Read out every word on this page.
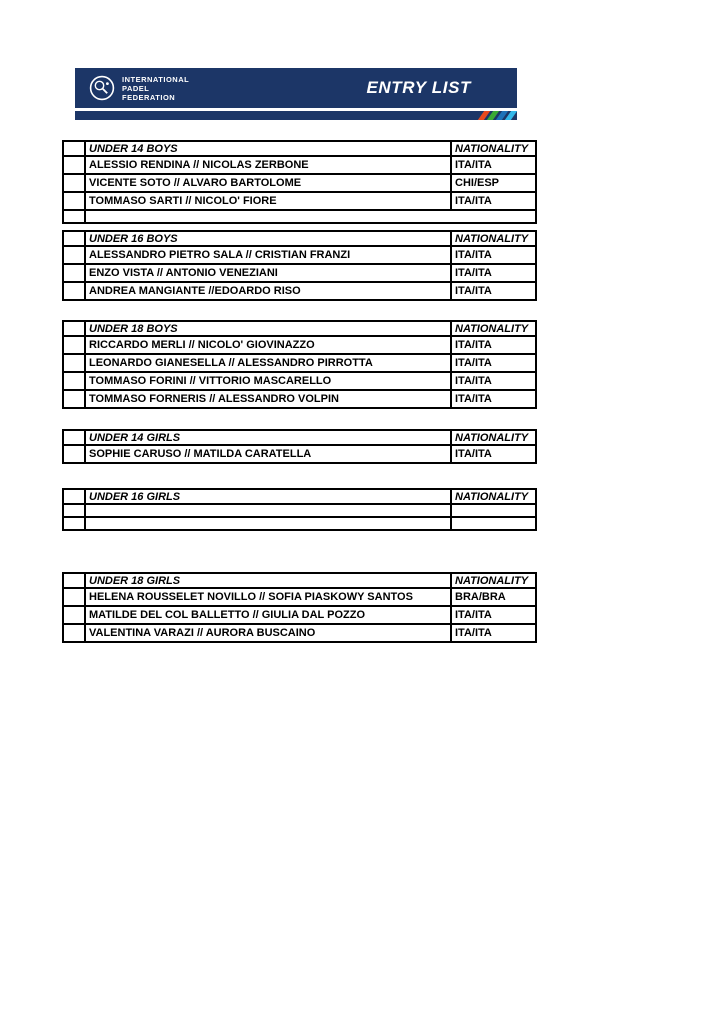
INTERNATIONAL
PADEL
FEDERATION	ENTRY LIST
	UNDER 14 BOYS	NATIONALITY
	ALESSIO RENDINA // NICOLAS ZERBONE	ITA/ITA
	VICENTE SOTO // ALVARO BARTOLOME	CHI/ESP
	TOMMASO SARTI // NICOLO' FIORE	ITA/ITA

	UNDER 16 BOYS	NATIONALITY
	ALESSANDRO PIETRO SALA // CRISTIAN FRANZI	ITA/ITA
	ENZO VISTA // ANTONIO VENEZIANI	ITA/ITA
	ANDREA MANGIANTE //EDOARDO RISO	ITA/ITA
	UNDER 18 BOYS	NATIONALITY
	RICCARDO MERLI // NICOLO' GIOVINAZZO	ITA/ITA
	LEONARDO GIANESELLA // ALESSANDRO PIRROTTA	ITA/ITA
	TOMMASO FORINI // VITTORIO MASCARELLO	ITA/ITA
	TOMMASO FORNERIS // ALESSANDRO VOLPIN	ITA/ITA
	UNDER 14 GIRLS	NATIONALITY
	SOPHIE CARUSO // MATILDA CARATELLA	ITA/ITA
	UNDER 16 GIRLS	NATIONALITY

	UNDER 18 GIRLS	NATIONALITY
	HELENA ROUSSELET NOVILLO // SOFIA PIASKOWY SANTOS	BRA/BRA
	MATILDE DEL COL BALLETTO // GIULIA DAL POZZO	ITA/ITA
	VALENTINA VARAZI // AURORA BUSCAINO	ITA/ITA
